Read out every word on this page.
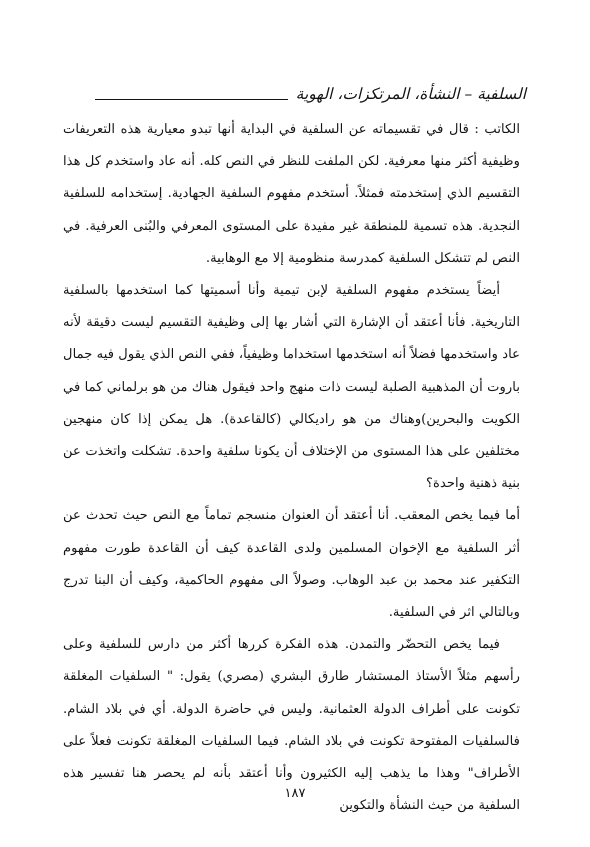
السلفية – النشأة، المرتكزات، الهوية

الكاتب : قال في تقسيماته عن السلفية في البداية أنها تبدو معيارية هذه التعريفات وظيفية أكثر منها معرفية. لكن الملفت للنظر في النص كله. أنه عاد واستخدم كل هذا التقسيم الذي إستخدمته فمثلاً. أستخدم مفهوم السلفية الجهادية. إستخدامه للسلفية النجدية. هذه تسمية للمنطقة غير مفيدة على المستوى المعرفي والبُنى العرفية. في النص لم تتشكل السلفية كمدرسة منظومية إلا مع الوهابية.

أيضاً يستخدم مفهوم السلفية لإبن تيمية وأنا أسميتها كما استخدمها بالسلفية التاريخية. فأنا أعتقد أن الإشارة التي أشار بها إلى وظيفية التقسيم ليست دقيقة لأنه عاد واستخدمها فضلاً أنه استخدمها استخداما وظيفياً، ففي النص الذي يقول فيه جمال باروت أن المذهبية الصلبة ليست ذات منهج واحد فيقول هناك من هو برلماني كما في الكويت والبحرين)وهناك من هو راديكالي (كالقاعدة). هل يمكن إذا كان منهجين مختلفين على هذا المستوى من الإختلاف أن يكونا سلفية واحدة. تشكلت واتخذت عن بنية ذهنية واحدة؟

أما فيما يخص المعقب. أنا أعتقد أن العنوان منسجم تماماً مع النص حيث تحدث عن أثر السلفية مع الإخوان المسلمين ولدى القاعدة كيف أن القاعدة طورت مفهوم التكفير عند محمد بن عبد الوهاب. وصولاً الى مفهوم الحاكمية، وكيف أن البنا تدرج وبالتالي اثر في السلفية.

فيما يخص التحضّر والتمدن. هذه الفكرة كررها أكثر من دارس للسلفية وعلى رأسهم مثلاً الأستاذ المستشار طارق البشري (مصري) يقول: " السلفيات المغلقة تكونت على أطراف الدولة العثمانية. وليس في حاضرة الدولة. أي في بلاد الشام. فالسلفيات المفتوحة تكونت في بلاد الشام. فيما السلفيات المغلقة تكونت فعلاً على الأطراف" وهذا ما يذهب إليه الكثيرون وأنا أعتقد بأنه لم يحصر هنا تفسير هذه السلفية من حيث النشأة والتكوين

١٨٧
